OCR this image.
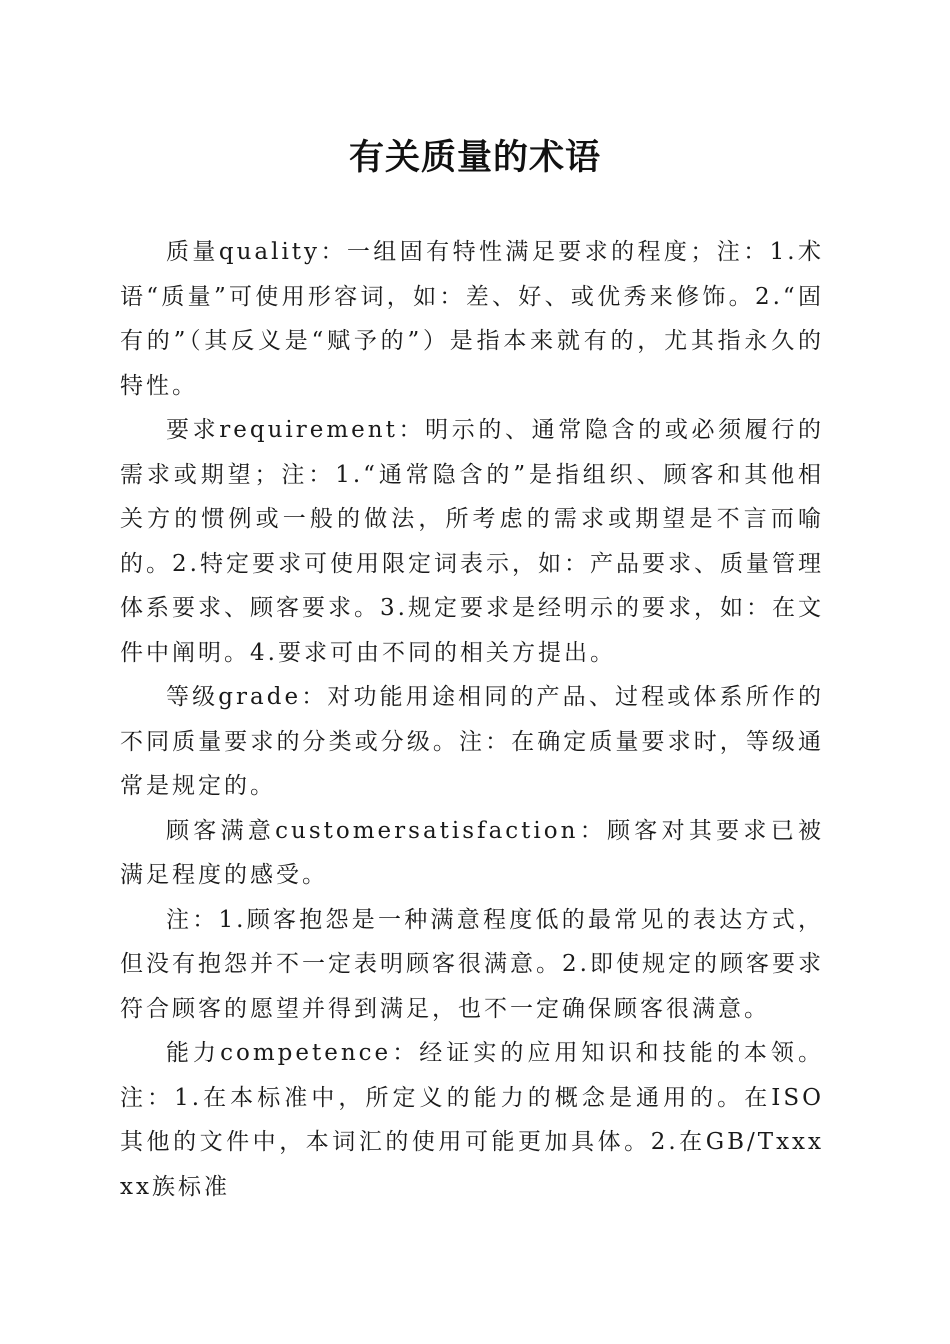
有关质量的术语

质量quality：一组固有特性满足要求的程度；注：1.术语“质量”可使用形容词，如：差、好、或优秀来修饰。2.“固有的”（其反义是“赋予的”）是指本来就有的，尤其指永久的特性。

要求requirement：明示的、通常隐含的或必须履行的需求或期望；注：1.“通常隐含的”是指组织、顾客和其他相关方的惯例或一般的做法，所考虑的需求或期望是不言而喻的。2.特定要求可使用限定词表示，如：产品要求、质量管理体系要求、顾客要求。3.规定要求是经明示的要求，如：在文件中阐明。4.要求可由不同的相关方提出。

等级grade：对功能用途相同的产品、过程或体系所作的不同质量要求的分类或分级。注：在确定质量要求时，等级通常是规定的。

顾客满意customersatisfaction：顾客对其要求已被满足程度的感受。

注：1.顾客抱怨是一种满意程度低的最常见的表达方式，但没有抱怨并不一定表明顾客很满意。2.即使规定的顾客要求符合顾客的愿望并得到满足，也不一定确保顾客很满意。

能力competence：经证实的应用知识和技能的本领。注：1.在本标准中，所定义的能力的概念是通用的。在ISO其他的文件中，本词汇的使用可能更加具体。2.在GB/Txxxxx族标准
